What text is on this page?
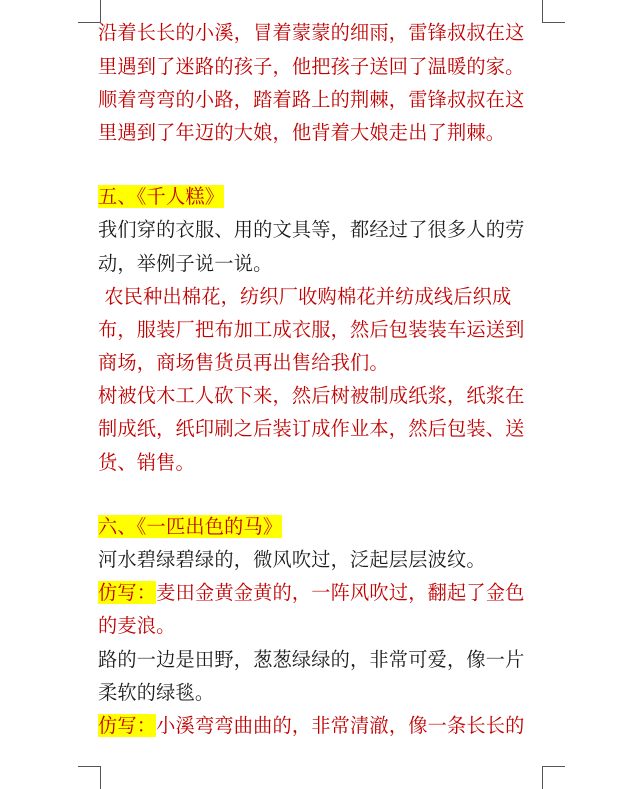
沿着长长的小溪，冒着蒙蒙的细雨，雷锋叔叔在这
里遇到了迷路的孩子，他把孩子送回了温暖的家。
顺着弯弯的小路，踏着路上的荆棘，雷锋叔叔在这
里遇到了年迈的大娘，他背着大娘走出了荆棘。
五、《千人糕》
我们穿的衣服、用的文具等，都经过了很多人的劳
动，举例子说一说。
农民种出棉花，纺织厂收购棉花并纺成线后织成
布，服装厂把布加工成衣服，然后包装装车运送到
商场，商场售货员再出售给我们。
树被伐木工人砍下来，然后树被制成纸浆，纸浆在
制成纸，纸印刷之后装订成作业本，然后包装、送
货、销售。
六、《一匹出色的马》
河水碧绿碧绿的，微风吹过，泛起层层波纹。
仿写：麦田金黄金黄的，一阵风吹过，翻起了金色
的麦浪。
路的一边是田野，葱葱绿绿的，非常可爱，像一片
柔软的绿毯。
仿写：小溪弯弯曲曲的，非常清澈，像一条长长的
